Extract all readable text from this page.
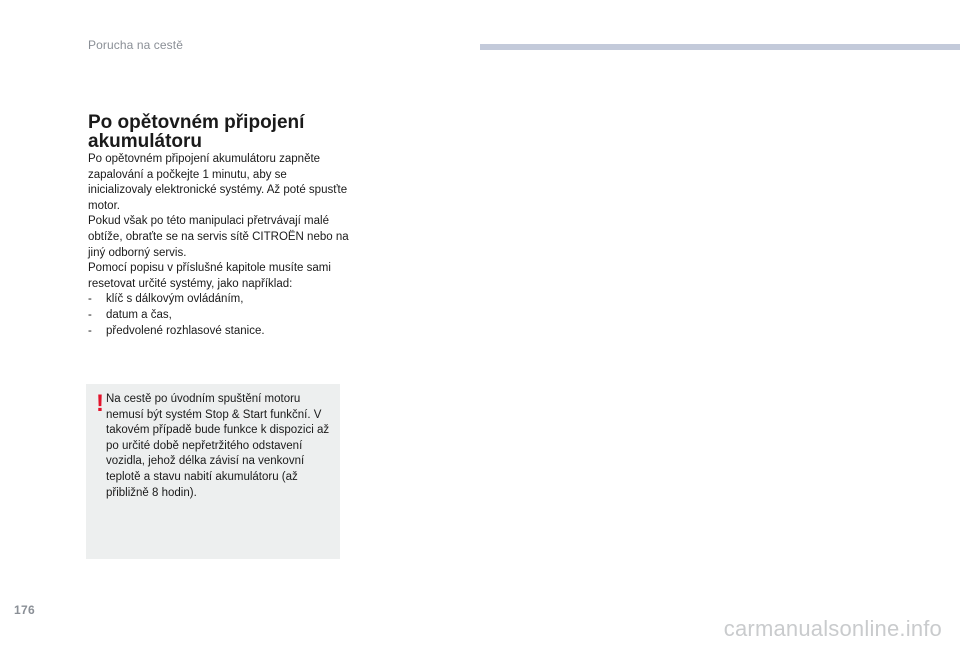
Porucha na cestě
Po opětovném připojení akumulátoru

Po opětovném připojení akumulátoru zapněte zapalování a počkejte 1 minutu, aby se inicializovaly elektronické systémy. Až poté spusťte motor.

Pokud však po této manipulaci přetrvávají malé obtíže, obraťte se na servis sítě CITROËN nebo na jiný odborný servis.

Pomocí popisu v příslušné kapitole musíte sami resetovat určité systémy, jako například:

- klíč s dálkovým ovládáním,
- datum a čas,
- předvolené rozhlasové stanice.
! Na cestě po úvodním spuštění motoru nemusí být systém Stop & Start funkční. V takovém případě bude funkce k dispozici až po určité době nepřetržitého odstavení vozidla, jehož délka závisí na venkovní teplotě a stavu nabití akumulátoru (až přibližně 8 hodin).

176
carmanualsonline.info
